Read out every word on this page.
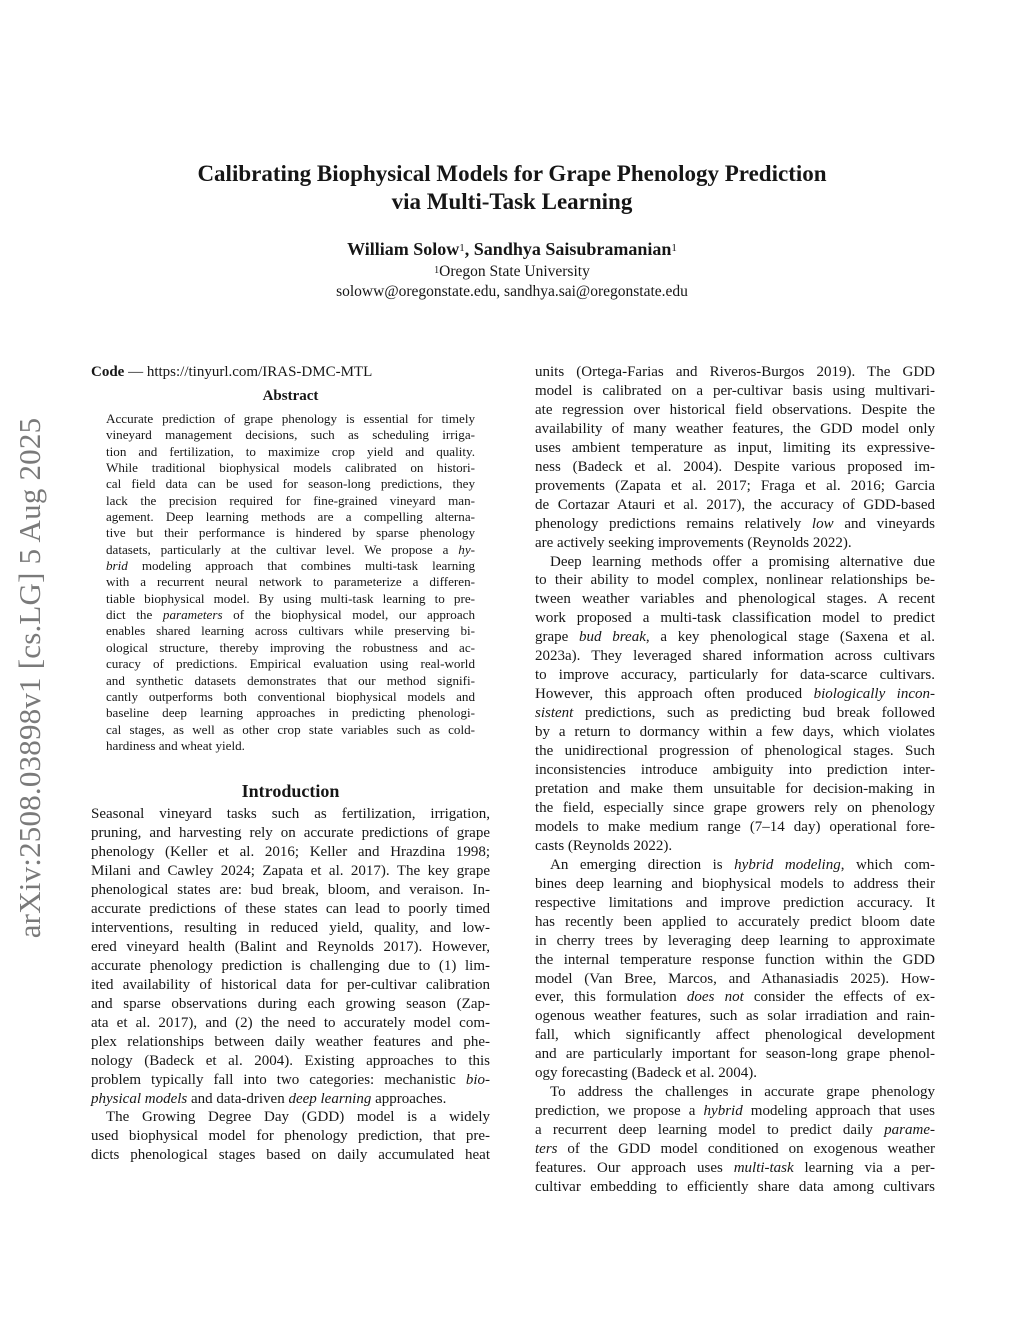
arXiv:2508.03898v1 [cs.LG] 5 Aug 2025
Calibrating Biophysical Models for Grape Phenology Prediction
via Multi-Task Learning
William Solow$^1$, Sandhya Saisubramanian$^1$
$^1$Oregon State University
soloww@oregonstate.edu, sandhya.sai@oregonstate.edu
Code — https://tinyurl.com/IRAS-DMC-MTL
Abstract
Accurate prediction of grape phenology is essential for timely
vineyard management decisions, such as scheduling irriga-
tion and fertilization, to maximize crop yield and quality.
While traditional biophysical models calibrated on histori-
cal field data can be used for season-long predictions, they
lack the precision required for fine-grained vineyard man-
agement. Deep learning methods are a compelling alterna-
tive but their performance is hindered by sparse phenology
datasets, particularly at the cultivar level. We propose a hy-
brid modeling approach that combines multi-task learning
with a recurrent neural network to parameterize a differen-
tiable biophysical model. By using multi-task learning to pre-
dict the parameters of the biophysical model, our approach
enables shared learning across cultivars while preserving bi-
ological structure, thereby improving the robustness and ac-
curacy of predictions. Empirical evaluation using real-world
and synthetic datasets demonstrates that our method signifi-
cantly outperforms both conventional biophysical models and
baseline deep learning approaches in predicting phenologi-
cal stages, as well as other crop state variables such as cold-
hardiness and wheat yield.
Introduction
Seasonal vineyard tasks such as fertilization, irrigation,
pruning, and harvesting rely on accurate predictions of grape
phenology (Keller et al. 2016; Keller and Hrazdina 1998;
Milani and Cawley 2024; Zapata et al. 2017). The key grape
phenological states are: bud break, bloom, and veraison. In-
accurate predictions of these states can lead to poorly timed
interventions, resulting in reduced yield, quality, and low-
ered vineyard health (Balint and Reynolds 2017). However,
accurate phenology prediction is challenging due to (1) lim-
ited availability of historical data for per-cultivar calibration
and sparse observations during each growing season (Zap-
ata et al. 2017), and (2) the need to accurately model com-
plex relationships between daily weather features and phe-
nology (Badeck et al. 2004). Existing approaches to this
problem typically fall into two categories: mechanistic bio-
physical models and data-driven deep learning approaches.
The Growing Degree Day (GDD) model is a widely
used biophysical model for phenology prediction, that pre-
dicts phenological stages based on daily accumulated heat
units (Ortega-Farias and Riveros-Burgos 2019). The GDD
model is calibrated on a per-cultivar basis using multivari-
ate regression over historical field observations. Despite the
availability of many weather features, the GDD model only
uses ambient temperature as input, limiting its expressive-
ness (Badeck et al. 2004). Despite various proposed im-
provements (Zapata et al. 2017; Fraga et al. 2016; Garcia
de Cortazar Atauri et al. 2017), the accuracy of GDD-based
phenology predictions remains relatively low and vineyards
are actively seeking improvements (Reynolds 2022).
Deep learning methods offer a promising alternative due
to their ability to model complex, nonlinear relationships be-
tween weather variables and phenological stages. A recent
work proposed a multi-task classification model to predict
grape bud break, a key phenological stage (Saxena et al.
2023a). They leveraged shared information across cultivars
to improve accuracy, particularly for data-scarce cultivars.
However, this approach often produced biologically incon-
sistent predictions, such as predicting bud break followed
by a return to dormancy within a few days, which violates
the unidirectional progression of phenological stages. Such
inconsistencies introduce ambiguity into prediction inter-
pretation and make them unsuitable for decision-making in
the field, especially since grape growers rely on phenology
models to make medium range (7–14 day) operational fore-
casts (Reynolds 2022).
An emerging direction is hybrid modeling, which com-
bines deep learning and biophysical models to address their
respective limitations and improve prediction accuracy. It
has recently been applied to accurately predict bloom date
in cherry trees by leveraging deep learning to approximate
the internal temperature response function within the GDD
model (Van Bree, Marcos, and Athanasiadis 2025). How-
ever, this formulation does not consider the effects of ex-
ogenous weather features, such as solar irradiation and rain-
fall, which significantly affect phenological development
and are particularly important for season-long grape phenol-
ogy forecasting (Badeck et al. 2004).
To address the challenges in accurate grape phenology
prediction, we propose a hybrid modeling approach that uses
a recurrent deep learning model to predict daily parame-
ters of the GDD model conditioned on exogenous weather
features. Our approach uses multi-task learning via a per-
cultivar embedding to efficiently share data among cultivars
